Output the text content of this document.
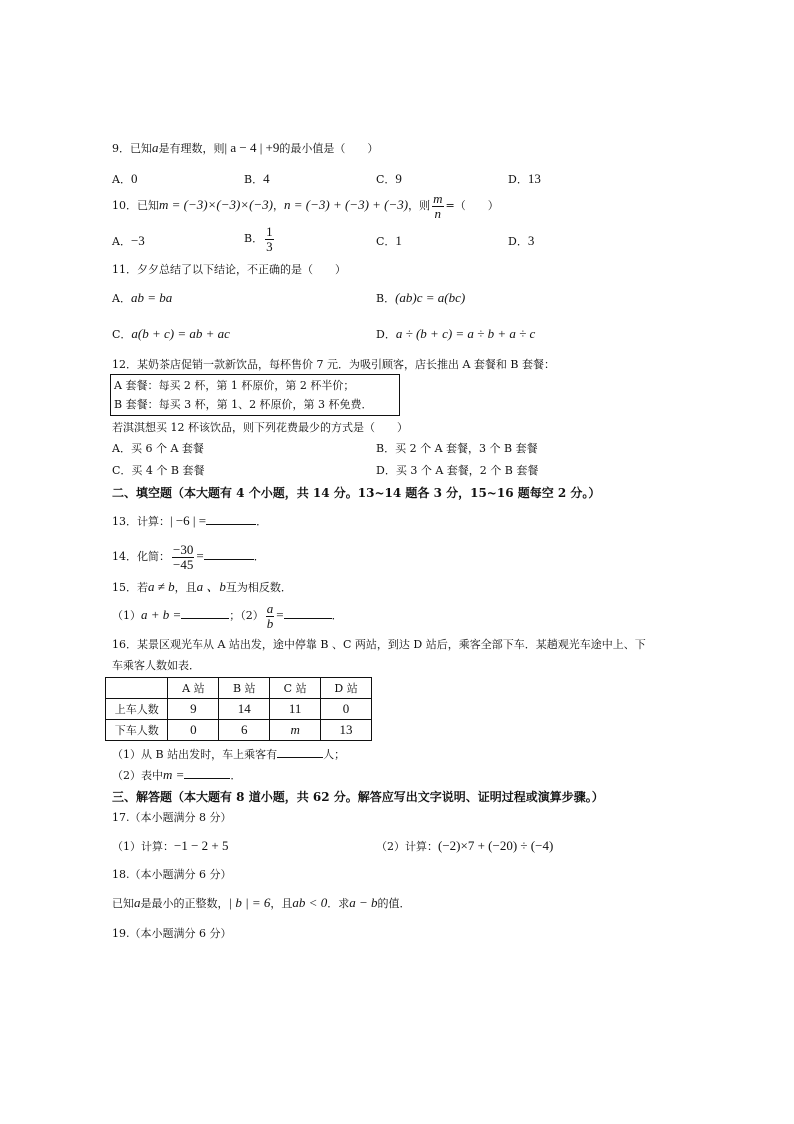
9．已知a是有理数，则| a − 4 | +9的最小值是（　　）
A．0	B．4	C．9	D．13
10．已知m = (−3)×(−3)×(−3)，n = (−3) + (−3) + (−3)，则 $\frac{m}{n}$ =（　　）
A．−3	B． $\frac{1}{3}$	C．1	D．3
11．夕夕总结了以下结论，不正确的是（　　）
A．ab = ba	B．(ab)c = a(bc)
C．a(b + c) = ab + ac	D．a ÷ (b + c) = a ÷ b + a ÷ c
12．某奶茶店促销一款新饮品，每杯售价 7 元．为吸引顾客，店长推出 A 套餐和 B 套餐：
A 套餐：每买 2 杯，第 1 杯原价，第 2 杯半价；
B 套餐：每买 3 杯，第 1、2 杯原价，第 3 杯免费．
若淇淇想买 12 杯该饮品，则下列花费最少的方式是（　　）
A．买 6 个 A 套餐	B．买 2 个 A 套餐，3 个 B 套餐
C．买 4 个 B 套餐	D．买 3 个 A 套餐，2 个 B 套餐
二、填空题（本大题有 4 个小题，共 14 分。13~14 题各 3 分，15~16 题每空 2 分。）
13．计算：| −6 | =	．
14．化简： $\frac{-30}{-45}$ =	．
15．若a ≠ b，且a 、b互为相反数．
（1）a + b =	；$(2) \frac{a}{b}$ =	．
16．某景区观光车从 A 站出发，途中停靠 B 、C 两站，到达 D 站后，乘客全部下车．某趟观光车途中上、下
车乘客人数如表．
	A 站	B 站	C 站	D 站
上车人数	9	14	11	0
下车人数	0	6	m	13
（1）从 B 站出发时，车上乘客有	人；
（2）表中m =	．
三、解答题（本大题有 8 道小题，共 62 分。解答应写出文字说明、证明过程或演算步骤。）
17.（本小题满分 8 分）
（1）计算：−1 − 2 + 5	（2）计算：(−2)×7 + (−20) ÷ (−4)
18.（本小题满分 6 分）
已知a是最小的正整数，| b | = 6，且ab < 0．求a − b的值．
19.（本小题满分 6 分）
